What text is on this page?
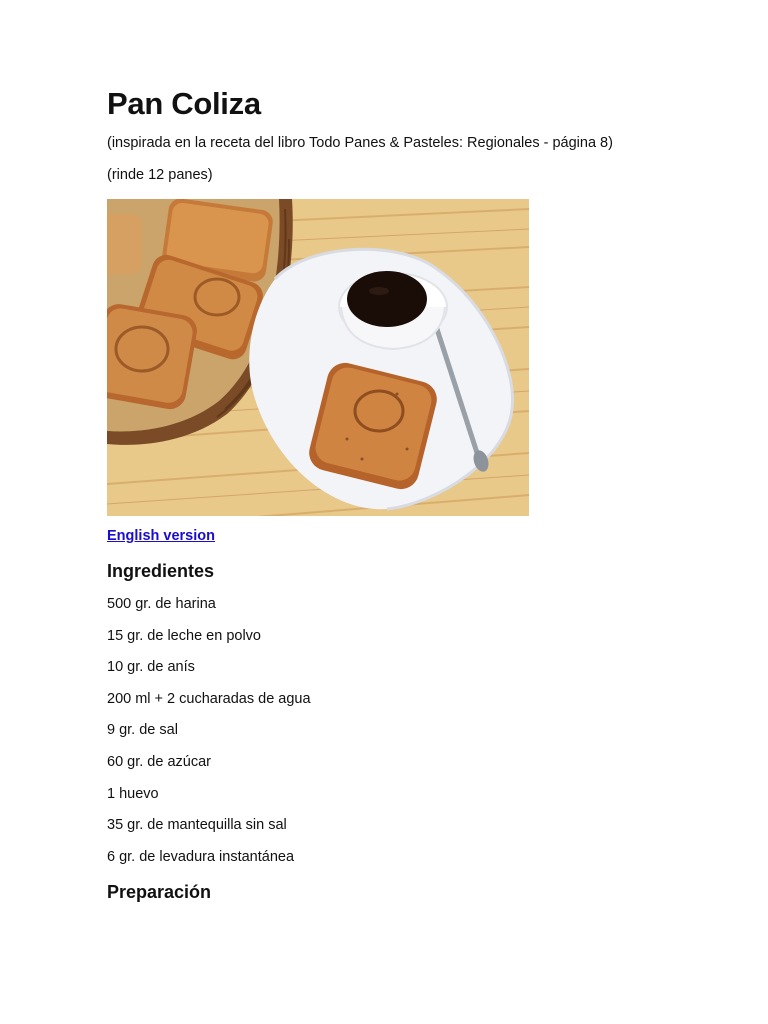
Pan Coliza

(inspirada en la receta del libro Todo Panes & Pasteles: Regionales - página 8)

(rinde 12 panes)

English version
Ingredientes

500 gr. de harina

15 gr. de leche en polvo

10 gr. de anís

200 ml + 2 cucharadas de agua

9 gr. de sal

60 gr. de azúcar

1 huevo

35 gr. de mantequilla sin sal

6 gr. de levadura instantánea

Preparación
